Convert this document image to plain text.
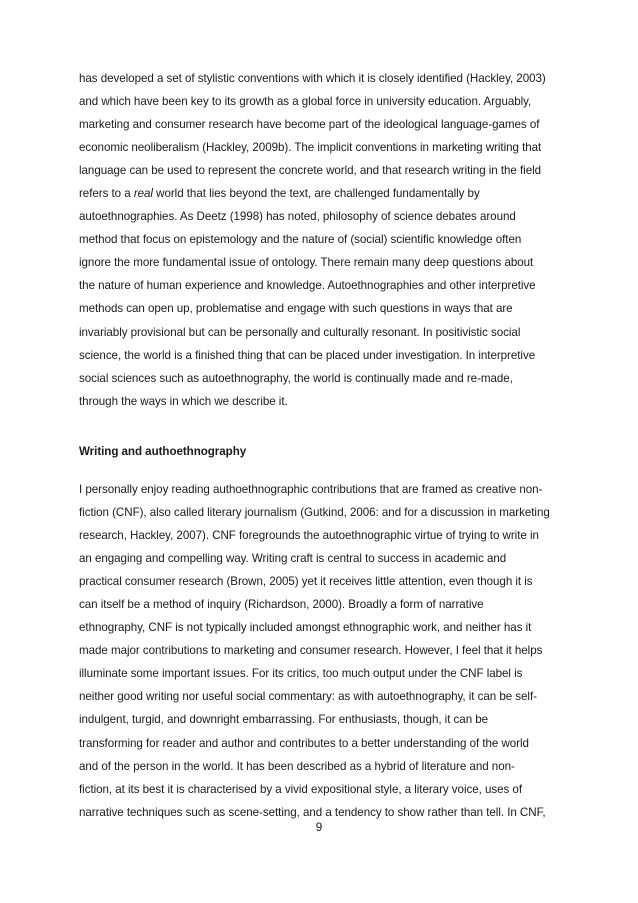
has developed a set of stylistic conventions with which it is closely identified (Hackley, 2003)
and which have been key to its growth as a global force in university education. Arguably,
marketing and consumer research have become part of the ideological language-games of
economic neoliberalism (Hackley, 2009b). The implicit conventions in marketing writing that
language can be used to represent the concrete world, and that research writing in the field
refers to a real world that lies beyond the text, are challenged fundamentally by
autoethnographies. As Deetz (1998) has noted, philosophy of science debates around
method that focus on epistemology and the nature of (social) scientific knowledge often
ignore the more fundamental issue of ontology. There remain many deep questions about
the nature of human experience and knowledge. Autoethnographies and other interpretive
methods can open up, problematise and engage with such questions in ways that are
invariably provisional but can be personally and culturally resonant. In positivistic social
science, the world is a finished thing that can be placed under investigation. In interpretive
social sciences such as autoethnography, the world is continually made and re-made,
through the ways in which we describe it.
Writing and authoethnography
I personally enjoy reading authoethnographic contributions that are framed as creative non-
fiction (CNF), also called literary journalism (Gutkind, 2006: and for a discussion in marketing
research, Hackley, 2007). CNF foregrounds the autoethnographic virtue of trying to write in
an engaging and compelling way. Writing craft is central to success in academic and
practical consumer research (Brown, 2005) yet it receives little attention, even though it is
can itself be a method of inquiry (Richardson, 2000). Broadly a form of narrative
ethnography, CNF is not typically included amongst ethnographic work, and neither has it
made major contributions to marketing and consumer research. However, I feel that it helps
illuminate some important issues. For its critics, too much output under the CNF label is
neither good writing nor useful social commentary: as with autoethnography, it can be self-
indulgent, turgid, and downright embarrassing. For enthusiasts, though, it can be
transforming for reader and author and contributes to a better understanding of the world
and of the person in the world. It has been described as a hybrid of literature and non-
fiction, at its best it is characterised by a vivid expositional style, a literary voice, uses of
narrative techniques such as scene-setting, and a tendency to show rather than tell. In CNF,
9
